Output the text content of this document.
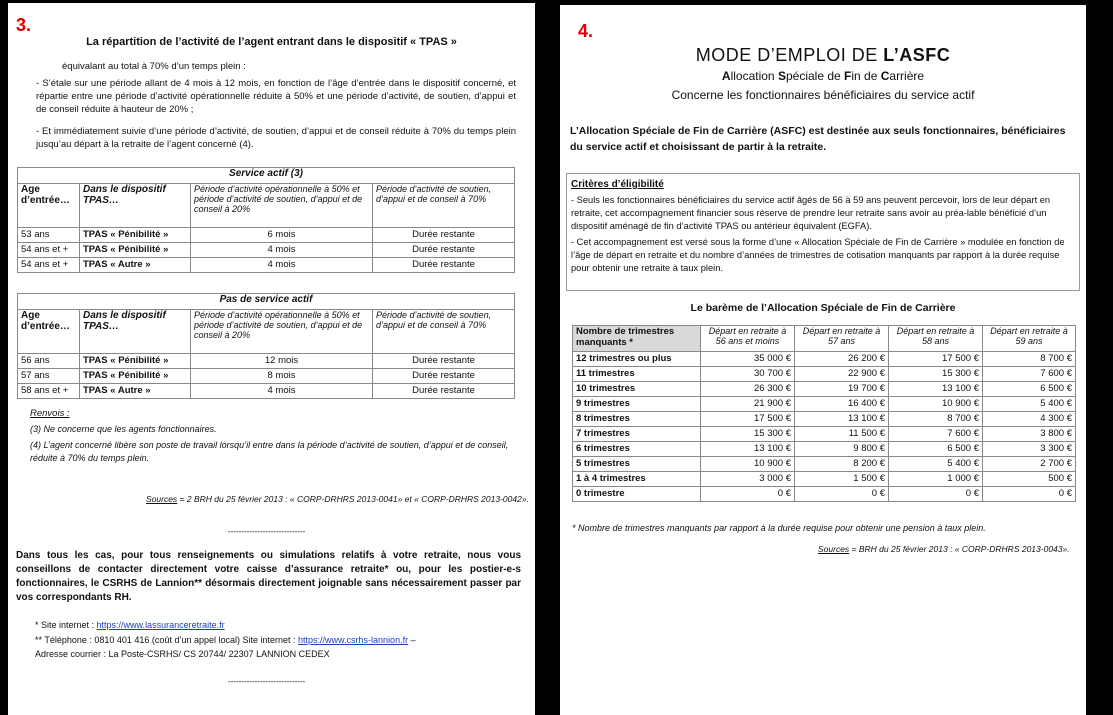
3.
La répartition de l’activité de l’agent entrant dans le dispositif « TPAS »
équivalant au total à 70% d’un temps plein :
- S’étale sur une période allant de 4 mois à 12 mois, en fonction de l’âge d’entrée dans le dispositif concerné, et répartie entre une période d’activité opérationnelle réduite à 50% et une période d’activité, de soutien, d’appui et de conseil réduite à hauteur de 20% ;
- Et immédiatement suivie d’une période d’activité, de soutien, d’appui et de conseil réduite à 70% du temps plein jusqu’au départ à la retraite de l’agent concerné (4).
Service actif (3)			
Age d’entrée…	Dans le dispositif TPAS…	Période d’activité opérationnelle à 50% et période d’activité de soutien, d’appui et de conseil à 20%	Période d’activité de soutien, d’appui et de conseil à 70%
53 ans	TPAS « Pénibilité »	6 mois	Durée restante
54 ans et +	TPAS « Pénibilité »	4 mois	Durée restante
54 ans et +	TPAS « Autre »	4 mois	Durée restante
Pas de service actif			
Age d’entrée…	Dans le dispositif TPAS…	Période d’activité opérationnelle à 50% et période d’activité de soutien, d’appui et de conseil à 20%	Période d’activité de soutien, d’appui et de conseil à 70%
56 ans	TPAS « Pénibilité »	12 mois	Durée restante
57 ans	TPAS « Pénibilité »	8 mois	Durée restante
58 ans et +	TPAS « Autre »	4 mois	Durée restante
Renvois :
(3) Ne concerne que les agents fonctionnaires.
(4) L’agent concerné libère son poste de travail lorsqu’il entre dans la période d’activité de soutien, d’appui et de conseil, réduite à 70% du temps plein.
Sources = 2 BRH du 25 février 2013 : « CORP-DRHRS 2013-0041» et « CORP-DRHRS 2013-0042».
-----------------------------
Dans tous les cas, pour tous renseignements ou simulations relatifs à votre retraite, nous vous conseillons de contacter directement votre caisse d’assurance retraite* ou, pour les postier-e-s fonctionnaires, le CSRHS de Lannion** désormais directement joignable sans nécessairement passer par vos correspondants RH.
* Site internet : https://www.lassuranceretraite.fr
** Téléphone : 0810 401 416 (coût d’un appel local) Site internet : https://www.csrhs-lannion.fr –
Adresse courrier : La Poste-CSRHS/ CS 20744/ 22307 LANNION CEDEX
-----------------------------
4.
MODE D’EMPLOI DE L’ASFC
Allocation Spéciale de Fin de Carrière
Concerne les fonctionnaires bénéficiaires du service actif
L’Allocation Spéciale de Fin de Carrière (ASFC) est destinée aux seuls fonctionnaires, bénéficiaires du service actif et choisissant de partir à la retraite.
Critères d’éligibilité
- Seuls les fonctionnaires bénéficiaires du service actif âgés de 56 à 59 ans peuvent percevoir, lors de leur départ en retraite, cet accompagnement financier sous réserve de prendre leur retraite sans avoir au préa-lable bénéficié d’un dispositif aménagé de fin d’activité TPAS ou antérieur équivalent (EGFA).
- Cet accompagnement est versé sous la forme d’une « Allocation Spéciale de Fin de Carrière » modulée en fonction de l’âge de départ en retraite et du nombre d’années de trimestres de cotisation manquants par rapport à la durée requise pour obtenir une retraite à taux plein.
Le barème de l’Allocation Spéciale de Fin de Carrière
Nombre de trimestres manquants *	Départ en retraite à 56 ans et moins	Départ en retraite à 57 ans	Départ en retraite à 58 ans	Départ en retraite à 59 ans
12 trimestres ou plus	35 000 €	26 200 €	17 500 €	8 700 €
11 trimestres	30 700 €	22 900 €	15 300 €	7 600 €
10 trimestres	26 300 €	19 700 €	13 100 €	6 500 €
9 trimestres	21 900 €	16 400 €	10 900 €	5 400 €
8 trimestres	17 500 €	13 100 €	8 700 €	4 300 €
7 trimestres	15 300 €	11 500 €	7 600 €	3 800 €
6 trimestres	13 100 €	9 800 €	6 500 €	3 300 €
5 trimestres	10 900 €	8 200 €	5 400 €	2 700 €
1 à 4 trimestres	3 000 €	1 500 €	1 000 €	500 €
0 trimestre	0 €	0 €	0 €	0 €
* Nombre de trimestres manquants par rapport à la durée requise pour obtenir une pension à taux plein.
Sources = BRH du 25 février 2013 : « CORP-DRHRS 2013-0043».
